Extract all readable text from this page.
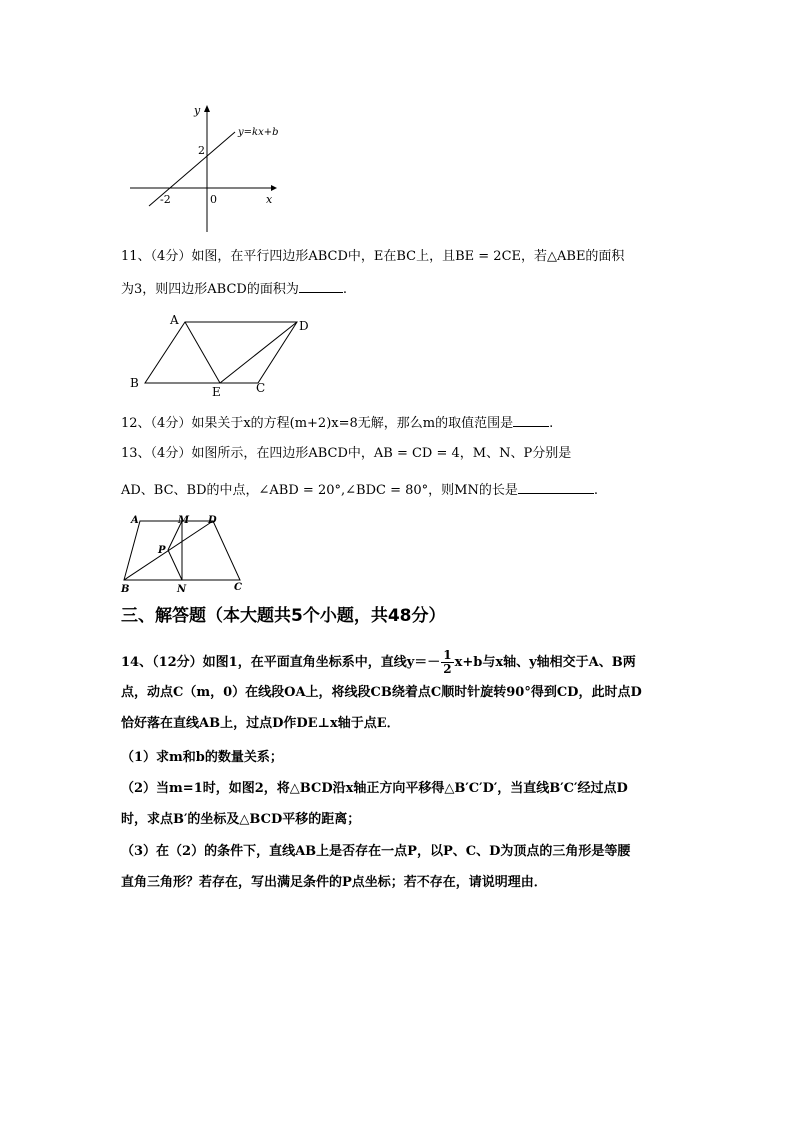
y
x
y=kx+b
2
-2	0
11、（4分）如图，在平行四边形ABCD中，E在BC上，且BE = 2CE，若△ABE的面积
为3，则四边形ABCD的面积为	.
A	D
B
E	C
12、（4分）如果关于x的方程(m+2)x=8无解，那么m的取值范围是	.
13、（4分）如图所示，在四边形ABCD中，AB = CD = 4，M、N、P分别是
AD、BC、BD的中点，∠ABD = 20°,∠BDC = 80°，则MN的长是	.
A	M D
P
B	N	C
三、解答题（本大题共5个小题，共48分）
14、（12分）如图1，在平面直角坐标系中，直线$y=- \frac{1}{2} x+b$与x轴、y轴相交于A、B两
点，动点C（m，0）在线段OA上，将线段CB绕着点C顺时针旋转90°得到CD，此时点D
恰好落在直线AB上，过点D作DE⊥x轴于点E．
（1）求m和b的数量关系；
（2）当m=1时，如图2，将△BCD沿x轴正方向平移得△B′C′D′，当直线B′C′经过点D
时，求点B′的坐标及△BCD平移的距离；
（3）在（2）的条件下，直线AB上是否存在一点P，以P、C、D为顶点的三角形是等腰
直角三角形？若存在，写出满足条件的P点坐标；若不存在，请说明理由．
